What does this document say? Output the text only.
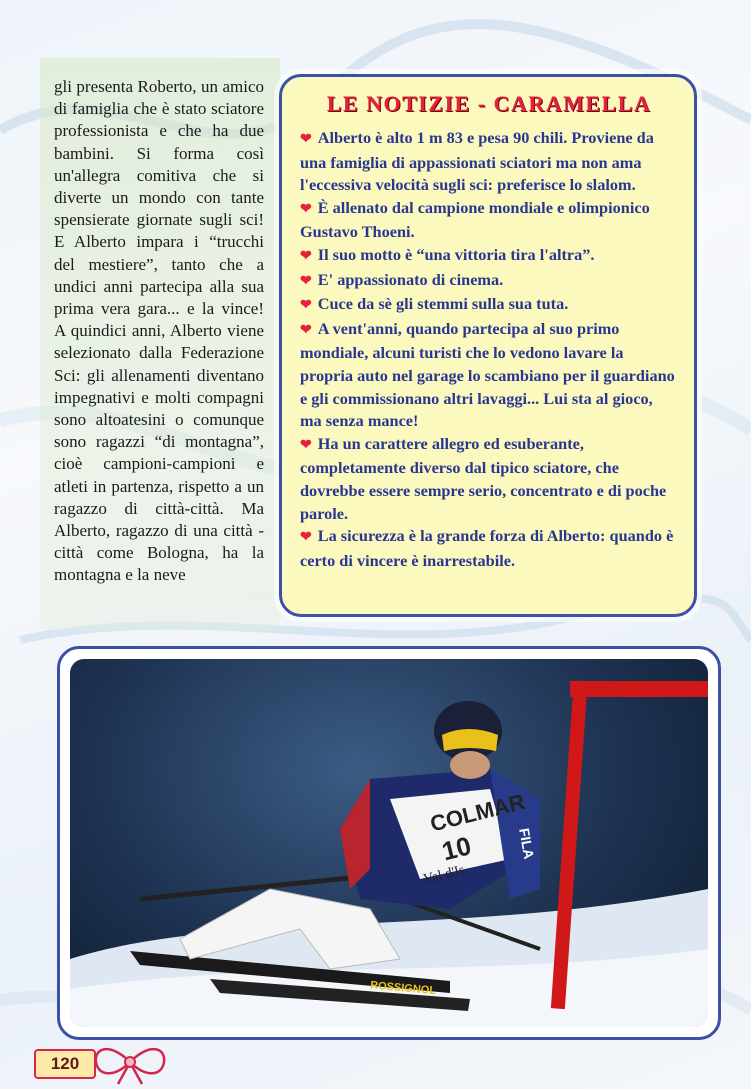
gli presenta Roberto, un amico di famiglia che è stato sciatore professionista e che ha due bambini. Si forma così un'allegra comitiva che si diverte un mondo con tante spensierate giornate sugli sci! E Alberto impara i “trucchi del mestiere”, tanto che a undici anni partecipa alla sua prima vera gara... e la vince! A quindici anni, Alberto viene selezionato dalla Federazione Sci: gli allenamenti diventano impegnativi e molti compagni sono altoatesini o comunque sono ragazzi “di montagna”, cioè campioni-campioni e atleti in partenza, rispetto a un ragazzo di città-città. Ma Alberto, ragazzo di una città -città come Bologna, ha la montagna e la neve

LE NOTIZIE - CARAMELLA

❤ Alberto è alto 1 m 83 e pesa 90 chili. Proviene da una famiglia di appassionati sciatori ma non ama l'eccessiva velocità sugli sci: preferisce lo slalom.

❤ È allenato dal campione mondiale e olimpionico Gustavo Thoeni.

❤ Il suo motto è “una vittoria tira l'altra”.

❤ E' appassionato di cinema.

❤ Cuce da sè gli stemmi sulla sua tuta.

❤ A vent'anni, quando partecipa al suo primo mondiale, alcuni turisti che lo vedono lavare la propria auto nel garage lo scambiano per il guardiano e gli commissionano altri lavaggi... Lui sta al gioco, ma senza mance!

❤ Ha un carattere allegro ed esuberante, completamente diverso dal tipico sciatore, che dovrebbe essere sempre serio, concentrato e di poche parole.

❤ La sicurezza è la grande forza di Alberto: quando è certo di vincere è inarrestabile.

COLMAR
10
Val d'Is
FILA
ROSSIGNOL
120
